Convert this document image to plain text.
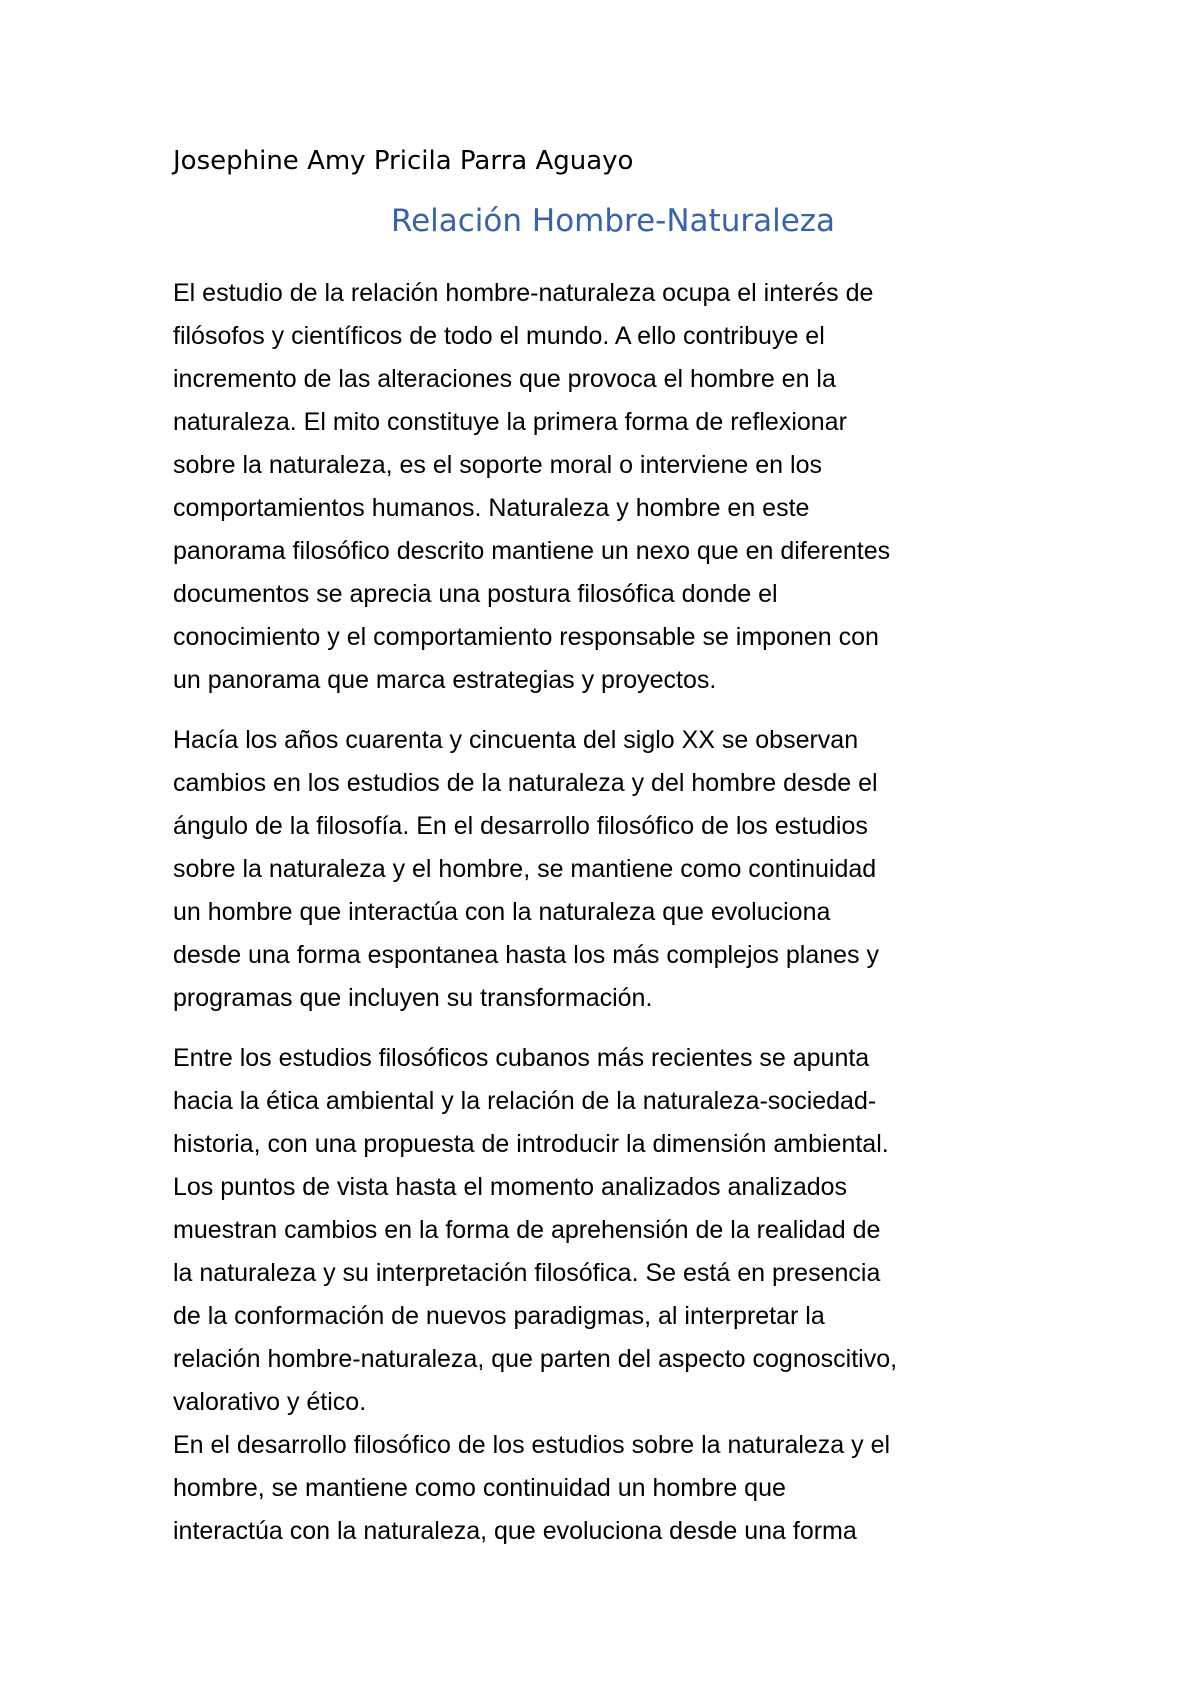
Josephine Amy Pricila Parra Aguayo

Relación Hombre-Naturaleza

El estudio de la relación hombre-naturaleza ocupa el interés de
filósofos y científicos de todo el mundo. A ello contribuye el
incremento de las alteraciones que provoca el hombre en la
naturaleza. El mito constituye la primera forma de reflexionar
sobre la naturaleza, es el soporte moral o interviene en los
comportamientos humanos. Naturaleza y hombre en este
panorama filosófico descrito mantiene un nexo que en diferentes
documentos se aprecia una postura filosófica donde el
conocimiento y el comportamiento responsable se imponen con
un panorama que marca estrategias y proyectos.

Hacía los años cuarenta y cincuenta del siglo XX se observan
cambios en los estudios de la naturaleza y del hombre desde el
ángulo de la filosofía. En el desarrollo filosófico de los estudios
sobre la naturaleza y el hombre, se mantiene como continuidad
un hombre que interactúa con la naturaleza que evoluciona
desde una forma espontanea hasta los más complejos planes y
programas que incluyen su transformación.

Entre los estudios filosóficos cubanos más recientes se apunta
hacia la ética ambiental y la relación de la naturaleza-sociedad-
historia, con una propuesta de introducir la dimensión ambiental.
Los puntos de vista hasta el momento analizados analizados
muestran cambios en la forma de aprehensión de la realidad de
la naturaleza y su interpretación filosófica. Se está en presencia
de la conformación de nuevos paradigmas, al interpretar la
relación hombre-naturaleza, que parten del aspecto cognoscitivo,
valorativo y ético.

En el desarrollo filosófico de los estudios sobre la naturaleza y el
hombre, se mantiene como continuidad un hombre que
interactúa con la naturaleza, que evoluciona desde una forma
